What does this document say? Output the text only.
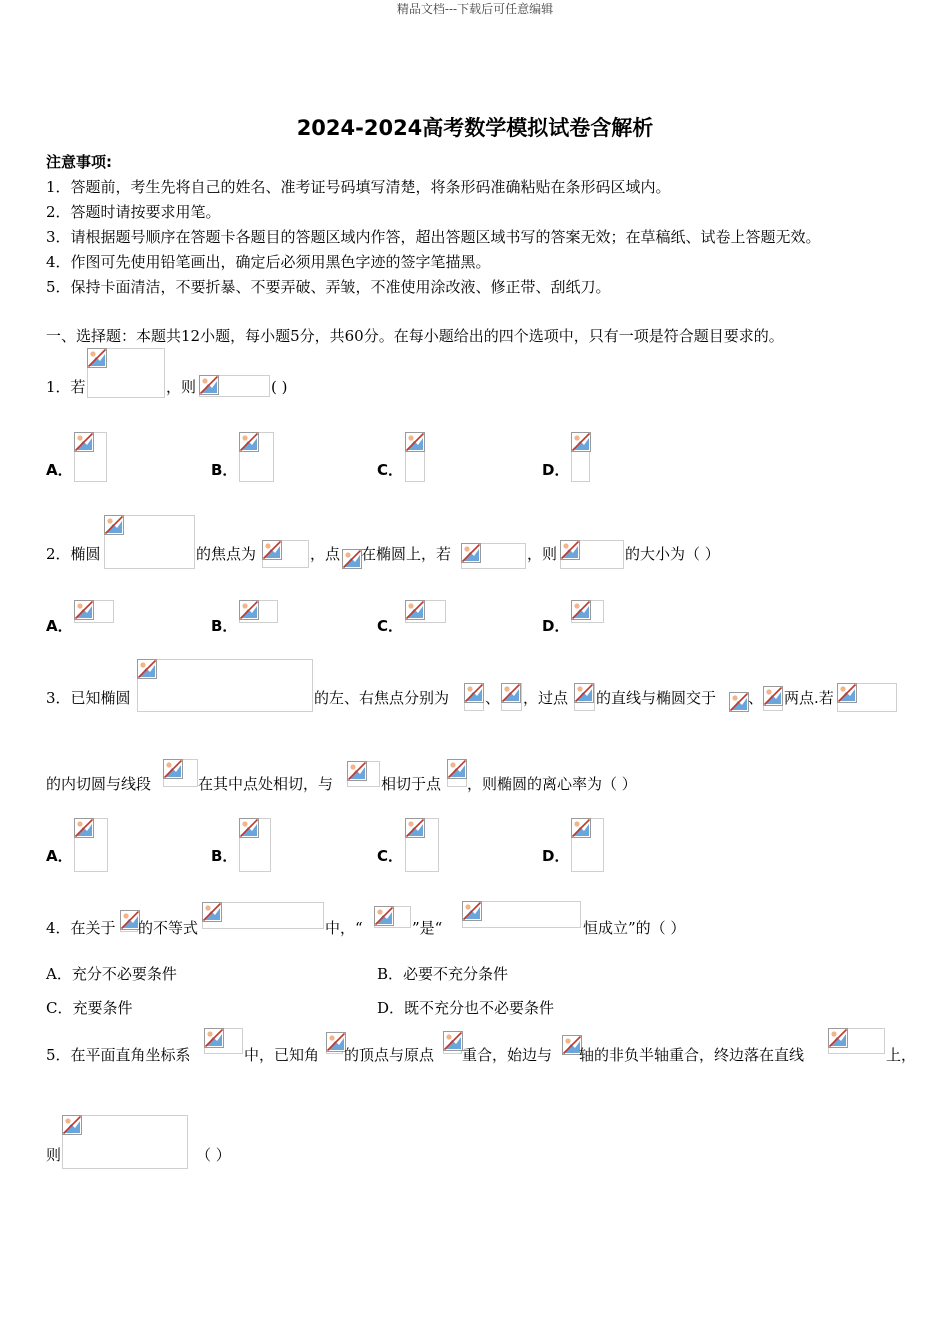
精品文档---下载后可任意编辑
2024-2024高考数学模拟试卷含解析
注意事项:
1．答题前，考生先将自己的姓名、准考证号码填写清楚，将条形码准确粘贴在条形码区域内。
2．答题时请按要求用笔。
3．请根据题号顺序在答题卡各题目的答题区域内作答，超出答题区域书写的答案无效；在草稿纸、试卷上答题无效。
4．作图可先使用铅笔画出，确定后必须用黑色字迹的签字笔描黑。
5．保持卡面清洁，不要折暴、不要弄破、弄皱，不准使用涂改液、修正带、刮纸刀。
一、选择题：本题共12小题，每小题5分，共60分。在每小题给出的四个选项中，只有一项是符合题目要求的。
1．若	，则	( )
A．	B．	C．	D．
2．椭圆	的焦点为	，点 在椭圆上，若	，则	的大小为（ ）
A．	B．	C．	D．
3．已知椭圆	的左、右焦点分别为 、 ，过点 的直线与椭圆交于 、 两点.若
的内切圆与线段	在其中点处相切，与	相切于点 ，则椭圆的离心率为（ ）
A．	B．	C．	D．
4．在关于 的不等式	中，“	”是“	恒成立”的（ ）
A．充分不必要条件	B．必要不充分条件
C．充要条件	D．既不充分也不必要条件
5．在平面直角坐标系	中，已知角 的顶点与原点 重合，始边与 轴的非负半轴重合，终边落在直线	上，
则	（ ）
